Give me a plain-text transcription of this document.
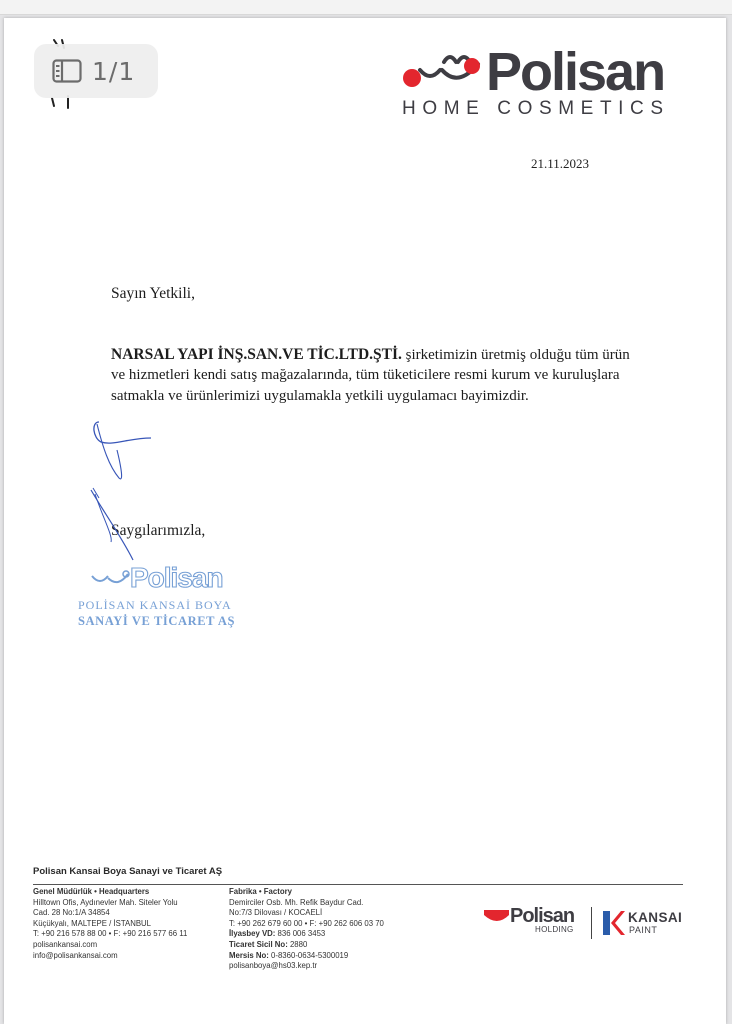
1/1	Polisan
HOME COSMETICS
21.11.2023
Sayın Yetkili,
NARSAL YAPI İNŞ.SAN.VE TİC.LTD.ŞTİ. şirketimizin üretmiş olduğu tüm ürün ve hizmetleri kendi satış mağazalarında, tüm tüketicilere resmi kurum ve kuruluşlara satmakla ve ürünlerimizi uygulamakla yetkili uygulamacı bayimizdir.
Saygılarımızla,
Polisan
POLİSAN KANSAİ BOYA
SANAYİ VE TİCARET AŞ
Polisan Kansai Boya Sanayi ve Ticaret AŞ
Genel Müdürlük • Headquarters
Hilltown Ofis, Aydınevler Mah. Siteler Yolu
Cad. 28 No:1/A 34854
Küçükyalı, MALTEPE / İSTANBUL
T: +90 216 578 88 00 • F: +90 216 577 66 11
polisankansai.com
info@polisankansai.com
Fabrika • Factory
Demirciler Osb. Mh. Refik Baydur Cad.
No:7/3 Dilovası / KOCAELİ
T: +90 262 679 60 00 • F: +90 262 606 03 70
İlyasbey VD: 836 006 3453
Ticaret Sicil No: 2880
Mersis No: 0-8360-0634-5300019
polisanboya@hs03.kep.tr
Polisan
HOLDING
KANSAI
PAINT
